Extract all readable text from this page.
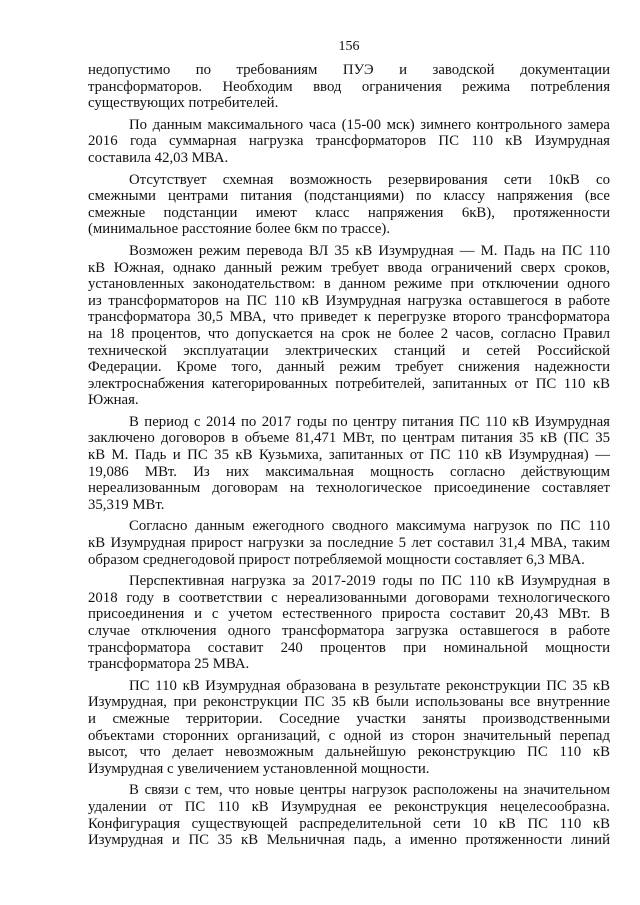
156
недопустимо по требованиям ПУЭ и заводской документации
трансформаторов. Необходим ввод ограничения режима потребления
существующих потребителей.
По данным максимального часа (15-00 мск) зимнего контрольного замера
2016 года суммарная нагрузка трансформаторов ПС 110 кВ Изумрудная
составила 42,03 МВА.
Отсутствует схемная возможность резервирования сети 10кВ со
смежными центрами питания (подстанциями) по классу напряжения (все
смежные подстанции имеют класс напряжения 6кВ), протяженности
(минимальное расстояние более 6км по трассе).
Возможен режим перевода ВЛ 35 кВ Изумрудная — М. Падь на ПС 110
кВ Южная, однако данный режим требует ввода ограничений сверх сроков,
установленных законодательством: в данном режиме при отключении одного
из трансформаторов на ПС 110 кВ Изумрудная нагрузка оставшегося в работе
трансформатора 30,5 МВА, что приведет к перегрузке второго трансформатора
на 18 процентов, что допускается на срок не более 2 часов, согласно Правил
технической эксплуатации электрических станций и сетей Российской
Федерации. Кроме того, данный режим требует снижения надежности
электроснабжения категорированных потребителей, запитанных от ПС 110 кВ
Южная.
В период с 2014 по 2017 годы по центру питания ПС 110 кВ Изумрудная
заключено договоров в объеме 81,471 МВт, по центрам питания 35 кВ (ПС 35
кВ М. Падь и ПС 35 кВ Кузьмиха, запитанных от ПС 110 кВ Изумрудная) —
19,086 МВт. Из них максимальная мощность согласно действующим
нереализованным договорам на технологическое присоединение составляет
35,319 МВт.
Согласно данным ежегодного сводного максимума нагрузок по ПС 110
кВ Изумрудная прирост нагрузки за последние 5 лет составил 31,4 МВА, таким
образом среднегодовой прирост потребляемой мощности составляет 6,3 МВА.
Перспективная нагрузка за 2017-2019 годы по ПС 110 кВ Изумрудная в
2018 году в соответствии с нереализованными договорами технологического
присоединения и с учетом естественного прироста составит 20,43 МВт. В
случае отключения одного трансформатора загрузка оставшегося в работе
трансформатора составит 240 процентов при номинальной мощности
трансформатора 25 МВА.
ПС 110 кВ Изумрудная образована в результате реконструкции ПС 35 кВ
Изумрудная, при реконструкции ПС 35 кВ были использованы все внутренние
и смежные территории. Соседние участки заняты производственными
объектами сторонних организаций, с одной из сторон значительный перепад
высот, что делает невозможным дальнейшую реконструкцию ПС 110 кВ
Изумрудная с увеличением установленной мощности.
В связи с тем, что новые центры нагрузок расположены на значительном
удалении от ПС 110 кВ Изумрудная ее реконструкция нецелесообразна.
Конфигурация существующей распределительной сети 10 кВ ПС 110 кВ
Изумрудная и ПС 35 кВ Мельничная падь, а именно протяженности линий
